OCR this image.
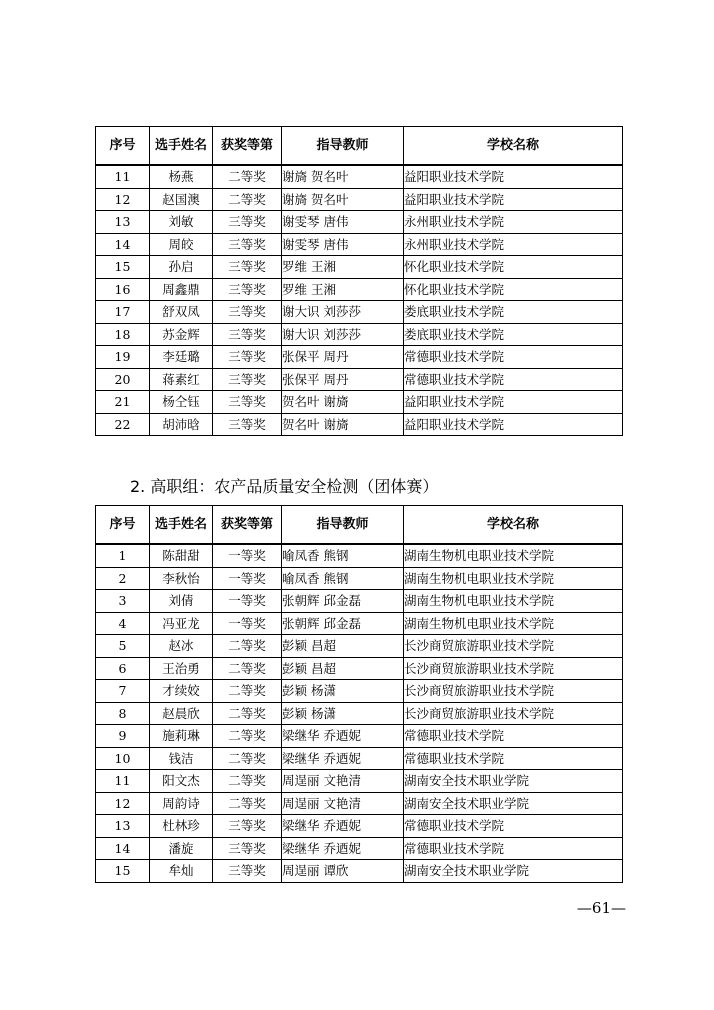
序号	选手姓名	获奖等第	指导教师	学校名称
11	杨燕	二等奖	谢旖 贺名叶	益阳职业技术学院
12	赵国澳	二等奖	谢旖 贺名叶	益阳职业技术学院
13	刘敏	三等奖	谢雯琴 唐伟	永州职业技术学院
14	周皎	三等奖	谢雯琴 唐伟	永州职业技术学院
15	孙启	三等奖	罗维 王湘	怀化职业技术学院
16	周鑫鼎	三等奖	罗维 王湘	怀化职业技术学院
17	舒双凤	三等奖	谢大识 刘莎莎	娄底职业技术学院
18	苏金辉	三等奖	谢大识 刘莎莎	娄底职业技术学院
19	李廷璐	三等奖	张保平 周丹	常德职业技术学院
20	蒋素红	三等奖	张保平 周丹	常德职业技术学院
21	杨仝钰	三等奖	贺名叶 谢旖	益阳职业技术学院
22	胡沛晗	三等奖	贺名叶 谢旖	益阳职业技术学院
2. 高职组：农产品质量安全检测（团体赛）
序号	选手姓名	获奖等第	指导教师	学校名称
1	陈甜甜	一等奖	喻凤香 熊钢	湖南生物机电职业技术学院
2	李秋怡	一等奖	喻凤香 熊钢	湖南生物机电职业技术学院
3	刘倩	一等奖	张朝辉 邱金磊	湖南生物机电职业技术学院
4	冯亚龙	一等奖	张朝辉 邱金磊	湖南生物机电职业技术学院
5	赵冰	二等奖	彭颖 昌超	长沙商贸旅游职业技术学院
6	王治勇	二等奖	彭颖 昌超	长沙商贸旅游职业技术学院
7	才续姣	二等奖	彭颖 杨潇	长沙商贸旅游职业技术学院
8	赵晨欣	二等奖	彭颖 杨潇	长沙商贸旅游职业技术学院
9	施莉琳	二等奖	梁继华 乔迺妮	常德职业技术学院
10	钱洁	二等奖	梁继华 乔迺妮	常德职业技术学院
11	阳文杰	二等奖	周逞丽 文艳清	湖南安全技术职业学院
12	周韵诗	二等奖	周逞丽 文艳清	湖南安全技术职业学院
13	杜林珍	三等奖	梁继华 乔迺妮	常德职业技术学院
14	潘旋	三等奖	梁继华 乔迺妮	常德职业技术学院
15	牟灿	三等奖	周逞丽 谭欣	湖南安全技术职业学院
—61—
